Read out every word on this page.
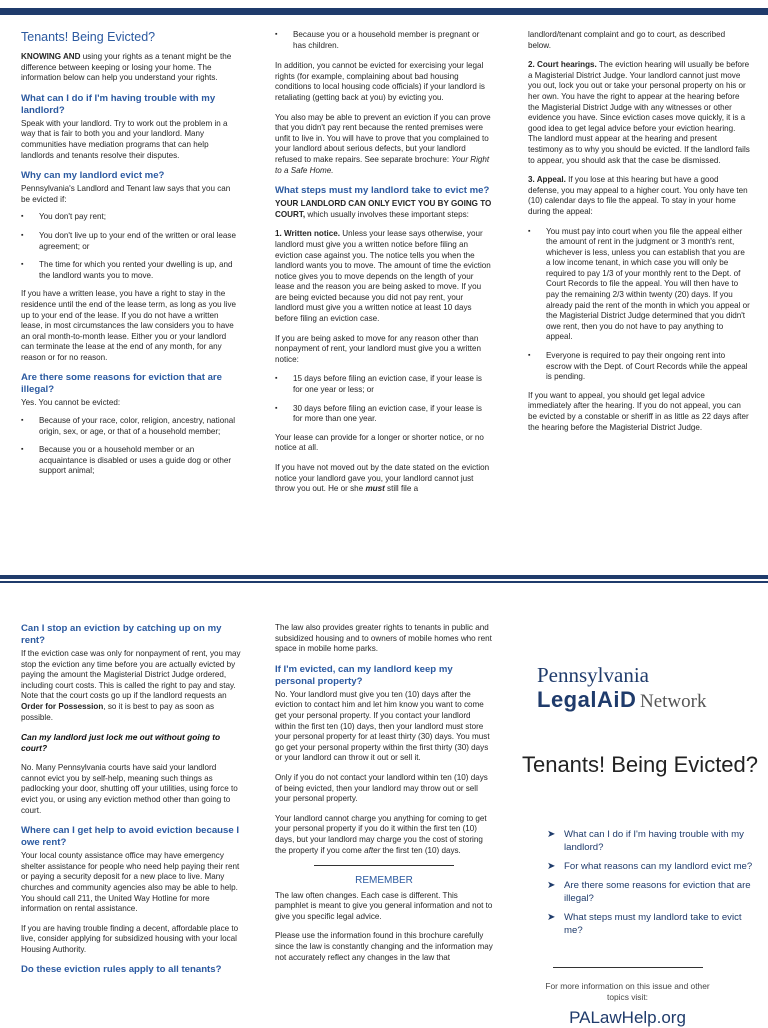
Tenants! Being Evicted?

KNOWING AND using your rights as a tenant might be the difference between keeping or losing your home. The information below can help you understand your rights.

What can I do if I'm having trouble with my landlord?

Speak with your landlord. Try to work out the problem in a way that is fair to both you and your landlord. Many communities have mediation programs that can help landlords and tenants resolve their disputes.

Why can my landlord evict me?

Pennsylvania's Landlord and Tenant law says that you can be evicted if:

▪ You don't pay rent;
▪ You don't live up to your end of the written or oral lease agreement; or
▪ The time for which you rented your dwelling is up, and the landlord wants you to move.

If you have a written lease, you have a right to stay in the residence until the end of the lease term, as long as you live up to your end of the lease. If you do not have a written lease, in most circumstances the law considers you to have an oral month-to-month lease. Either you or your landlord can terminate the lease at the end of any month, for any reason or for no reason.

Are there some reasons for eviction that are illegal?

Yes. You cannot be evicted:

▪ Because of your race, color, religion, ancestry, national origin, sex, or age, or that of a household member;
▪ Because you or a household member or an acquaintance is disabled or uses a guide dog or other support animal;
▪ Because you or a household member is pregnant or has children.

In addition, you cannot be evicted for exercising your legal rights (for example, complaining about bad housing conditions to local housing code officials) if your landlord is retaliating (getting back at you) by evicting you.

You also may be able to prevent an eviction if you can prove that you didn't pay rent because the rented premises were unfit to live in. You will have to prove that you complained to your landlord about serious defects, but your landlord refused to make repairs. See separate brochure: Your Right to a Safe Home.

What steps must my landlord take to evict me?

YOUR LANDLORD CAN ONLY EVICT YOU BY GOING TO COURT, which usually involves these important steps:

1. Written notice. Unless your lease says otherwise, your landlord must give you a written notice before filing an eviction case against you. The notice tells you when the landlord wants you to move. The amount of time the eviction notice gives you to move depends on the length of your lease and the reason you are being asked to move. If you are being evicted because you did not pay rent, your landlord must give you a written notice at least 10 days before filing an eviction case.

If you are being asked to move for any reason other than nonpayment of rent, your landlord must give you a written notice:

▪ 15 days before filing an eviction case, if your lease is for one year or less; or
▪ 30 days before filing an eviction case, if your lease is for more than one year.

Your lease can provide for a longer or shorter notice, or no notice at all.

If you have not moved out by the date stated on the eviction notice your landlord gave you, your landlord cannot just throw you out. He or she must still file a

landlord/tenant complaint and go to court, as described below.

2. Court hearings. The eviction hearing will usually be before a Magisterial District Judge. Your landlord cannot just move you out, lock you out or take your personal property on his or her own. You have the right to appear at the hearing before the Magisterial District Judge with any witnesses or other evidence you have. Since eviction cases move quickly, it is a good idea to get legal advice before your eviction hearing. The landlord must appear at the hearing and present testimony as to why you should be evicted. If the landlord fails to appear, you should ask that the case be dismissed.

3. Appeal. If you lose at this hearing but have a good defense, you may appeal to a higher court. You only have ten (10) calendar days to file the appeal. To stay in your home during the appeal:

▪ You must pay into court when you file the appeal either the amount of rent in the judgment or 3 month's rent, whichever is less, unless you can establish that you are a low income tenant, in which case you will only be required to pay 1/3 of your monthly rent to the Dept. of Court Records to file the appeal. You will then have to pay the remaining 2/3 within twenty (20) days. If you already paid the rent of the month in which you appeal or the Magisterial District Judge determined that you didn't owe rent, then you do not have to pay anything to appeal.
▪ Everyone is required to pay their ongoing rent into escrow with the Dept. of Court Records while the appeal is pending.

If you want to appeal, you should get legal advice immediately after the hearing. If you do not appeal, you can be evicted by a constable or sheriff in as little as 22 days after the hearing before the Magisterial District Judge.

Can I stop an eviction by catching up on my rent?

If the eviction case was only for nonpayment of rent, you may stop the eviction any time before you are actually evicted by paying the amount the Magisterial District Judge ordered, including court costs. This is called the right to pay and stay. Note that the court costs go up if the landlord requests an Order for Possession, so it is best to pay as soon as possible.

Can my landlord just lock me out without going to court?

No. Many Pennsylvania courts have said your landlord cannot evict you by self-help, meaning such things as padlocking your door, shutting off your utilities, using force to evict you, or using any eviction method other than going to court.

Where can I get help to avoid eviction because I owe rent?

Your local county assistance office may have emergency shelter assistance for people who need help paying their rent or paying a security deposit for a new place to live. Many churches and community agencies also may be able to help. You should call 211, the United Way Hotline for more information on rental assistance.

If you are having trouble finding a decent, affordable place to live, consider applying for subsidized housing with your local Housing Authority.

Do these eviction rules apply to all tenants?

The law also provides greater rights to tenants in public and subsidized housing and to owners of mobile homes who rent space in mobile home parks.

If I'm evicted, can my landlord keep my personal property?

No. Your landlord must give you ten (10) days after the eviction to contact him and let him know you want to come get your personal property. If you contact your landlord within the first ten (10) days, then your landlord must store your personal property for at least thirty (30) days. You must go get your personal property within the first thirty (30) days or your landlord can throw it out or sell it.

Only if you do not contact your landlord within ten (10) days of being evicted, then your landlord may throw out or sell your personal property.

Your landlord cannot charge you anything for coming to get your personal property if you do it within the first ten (10) days, but your landlord may charge you the cost of storing the property if you come after the first ten (10) days.

REMEMBER

The law often changes. Each case is different. This pamphlet is meant to give you general information and not to give you specific legal advice.

Please use the information found in this brochure carefully since the law is constantly changing and the information may not accurately reflect any changes in the law that

Pennsylvania
LegalAiD Network
Tenants! Being Evicted?
➤ What can I do if I'm having trouble with my landlord?
➤ For what reasons can my landlord evict me?
➤ Are there some reasons for eviction that are illegal?
➤ What steps must my landlord take to evict me?
For more information on this issue and other topics visit:
PALawHelp.org
